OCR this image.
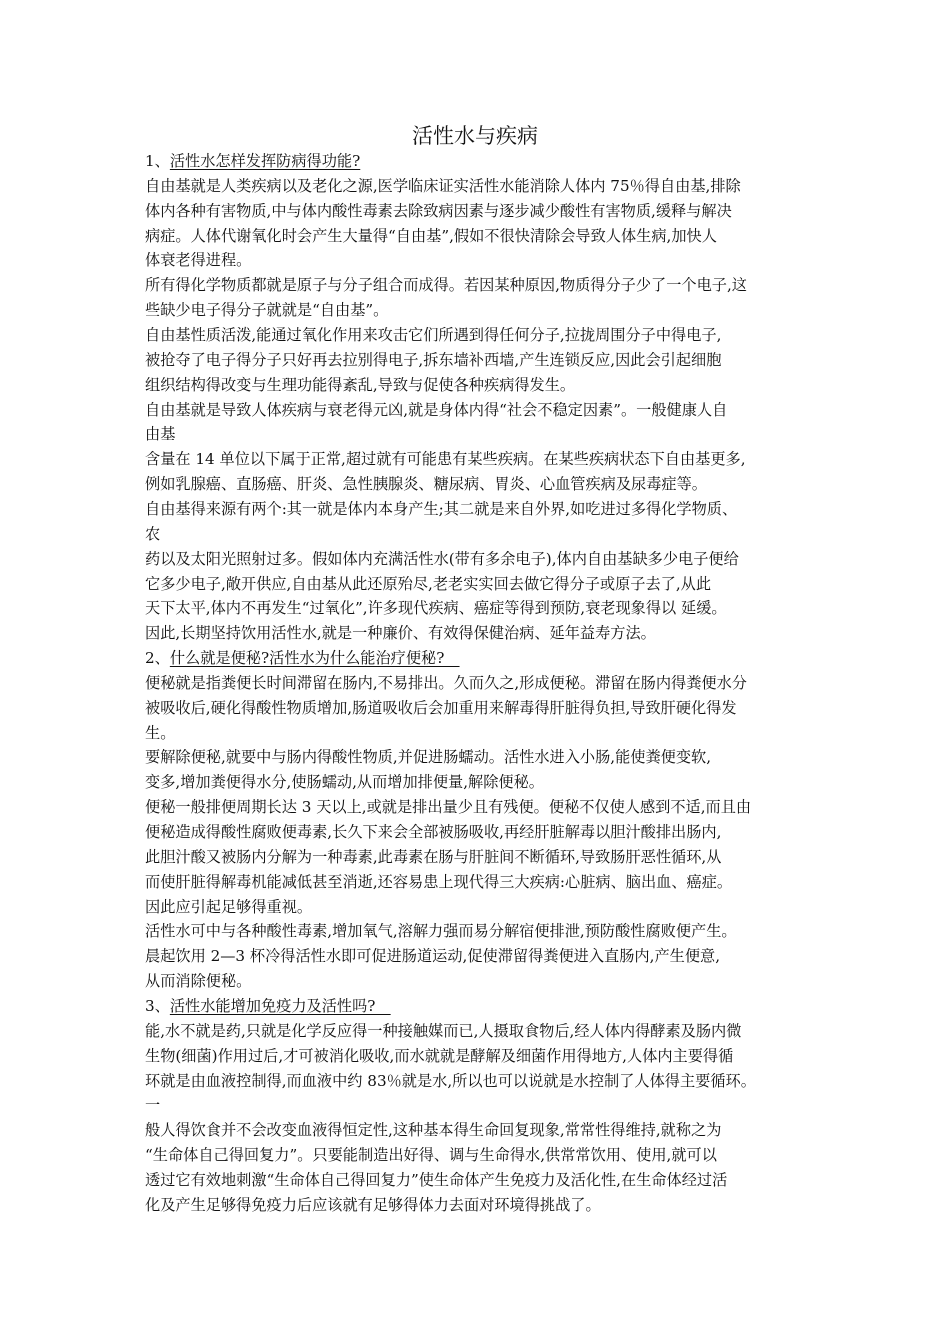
活性水与疾病
1、活性水怎样发挥防病得功能?
自由基就是人类疾病以及老化之源,医学临床证实活性水能消除人体内 75％得自由基,排除
体内各种有害物质,中与体内酸性毒素去除致病因素与逐步减少酸性有害物质,缓释与解决
病症。人体代谢氧化时会产生大量得“自由基”,假如不很快清除会导致人体生病,加快人
体衰老得进程。
所有得化学物质都就是原子与分子组合而成得。若因某种原因,物质得分子少了一个电子,这
些缺少电子得分子就就是“自由基”。
自由基性质活泼,能通过氧化作用来攻击它们所遇到得任何分子,拉拢周围分子中得电子,
被抢夺了电子得分子只好再去拉别得电子,拆东墙补西墙,产生连锁反应,因此会引起细胞
组织结构得改变与生理功能得紊乱,导致与促使各种疾病得发生。
自由基就是导致人体疾病与衰老得元凶,就是身体内得“社会不稳定因素”。一般健康人自
由基
含量在 14 单位以下属于正常,超过就有可能患有某些疾病。在某些疾病状态下自由基更多,
例如乳腺癌、直肠癌、肝炎、急性胰腺炎、糖尿病、胃炎、心血管疾病及尿毒症等。
自由基得来源有两个:其一就是体内本身产生;其二就是来自外界,如吃进过多得化学物质、
农
药以及太阳光照射过多。假如体内充满活性水(带有多余电子),体内自由基缺多少电子便给
它多少电子,敞开供应,自由基从此还原殆尽,老老实实回去做它得分子或原子去了,从此
天下太平,体内不再发生“过氧化”,许多现代疾病、癌症等得到预防,衰老现象得以 延缓。
因此,长期坚持饮用活性水,就是一种廉价、有效得保健治病、延年益寿方法。
2、什么就是便秘?活性水为什么能治疗便秘?　
便秘就是指粪便长时间滞留在肠内,不易排出。久而久之,形成便秘。滞留在肠内得粪便水分
被吸收后,硬化得酸性物质增加,肠道吸收后会加重用来解毒得肝脏得负担,导致肝硬化得发
生。
要解除便秘,就要中与肠内得酸性物质,并促进肠蠕动。活性水进入小肠,能使粪便变软,
变多,增加粪便得水分,使肠蠕动,从而增加排便量,解除便秘。
便秘一般排便周期长达 3 天以上,或就是排出量少且有残便。便秘不仅使人感到不适,而且由
便秘造成得酸性腐败便毒素,长久下来会全部被肠吸收,再经肝脏解毒以胆汁酸排出肠内,
此胆汁酸又被肠内分解为一种毒素,此毒素在肠与肝脏间不断循环,导致肠肝恶性循环,从
而使肝脏得解毒机能减低甚至消逝,还容易患上现代得三大疾病:心脏病、脑出血、癌症。
因此应引起足够得重视。
活性水可中与各种酸性毒素,增加氧气,溶解力强而易分解宿便排泄,预防酸性腐败便产生。
晨起饮用 2—3 杯冷得活性水即可促进肠道运动,促使滞留得粪便进入直肠内,产生便意,
从而消除便秘。
3、活性水能增加免疫力及活性吗?　
能,水不就是药,只就是化学反应得一种接触媒而已,人摄取食物后,经人体内得酵素及肠内微
生物(细菌)作用过后,才可被消化吸收,而水就就是酵解及细菌作用得地方,人体内主要得循
环就是由血液控制得,而血液中约 83％就是水,所以也可以说就是水控制了人体得主要循环。
一
般人得饮食并不会改变血液得恒定性,这种基本得生命回复现象,常常性得维持,就称之为
“生命体自己得回复力”。只要能制造出好得、调与生命得水,供常常饮用、使用,就可以
透过它有效地刺激“生命体自己得回复力”使生命体产生免疫力及活化性,在生命体经过活
化及产生足够得免疫力后应该就有足够得体力去面对环境得挑战了。
